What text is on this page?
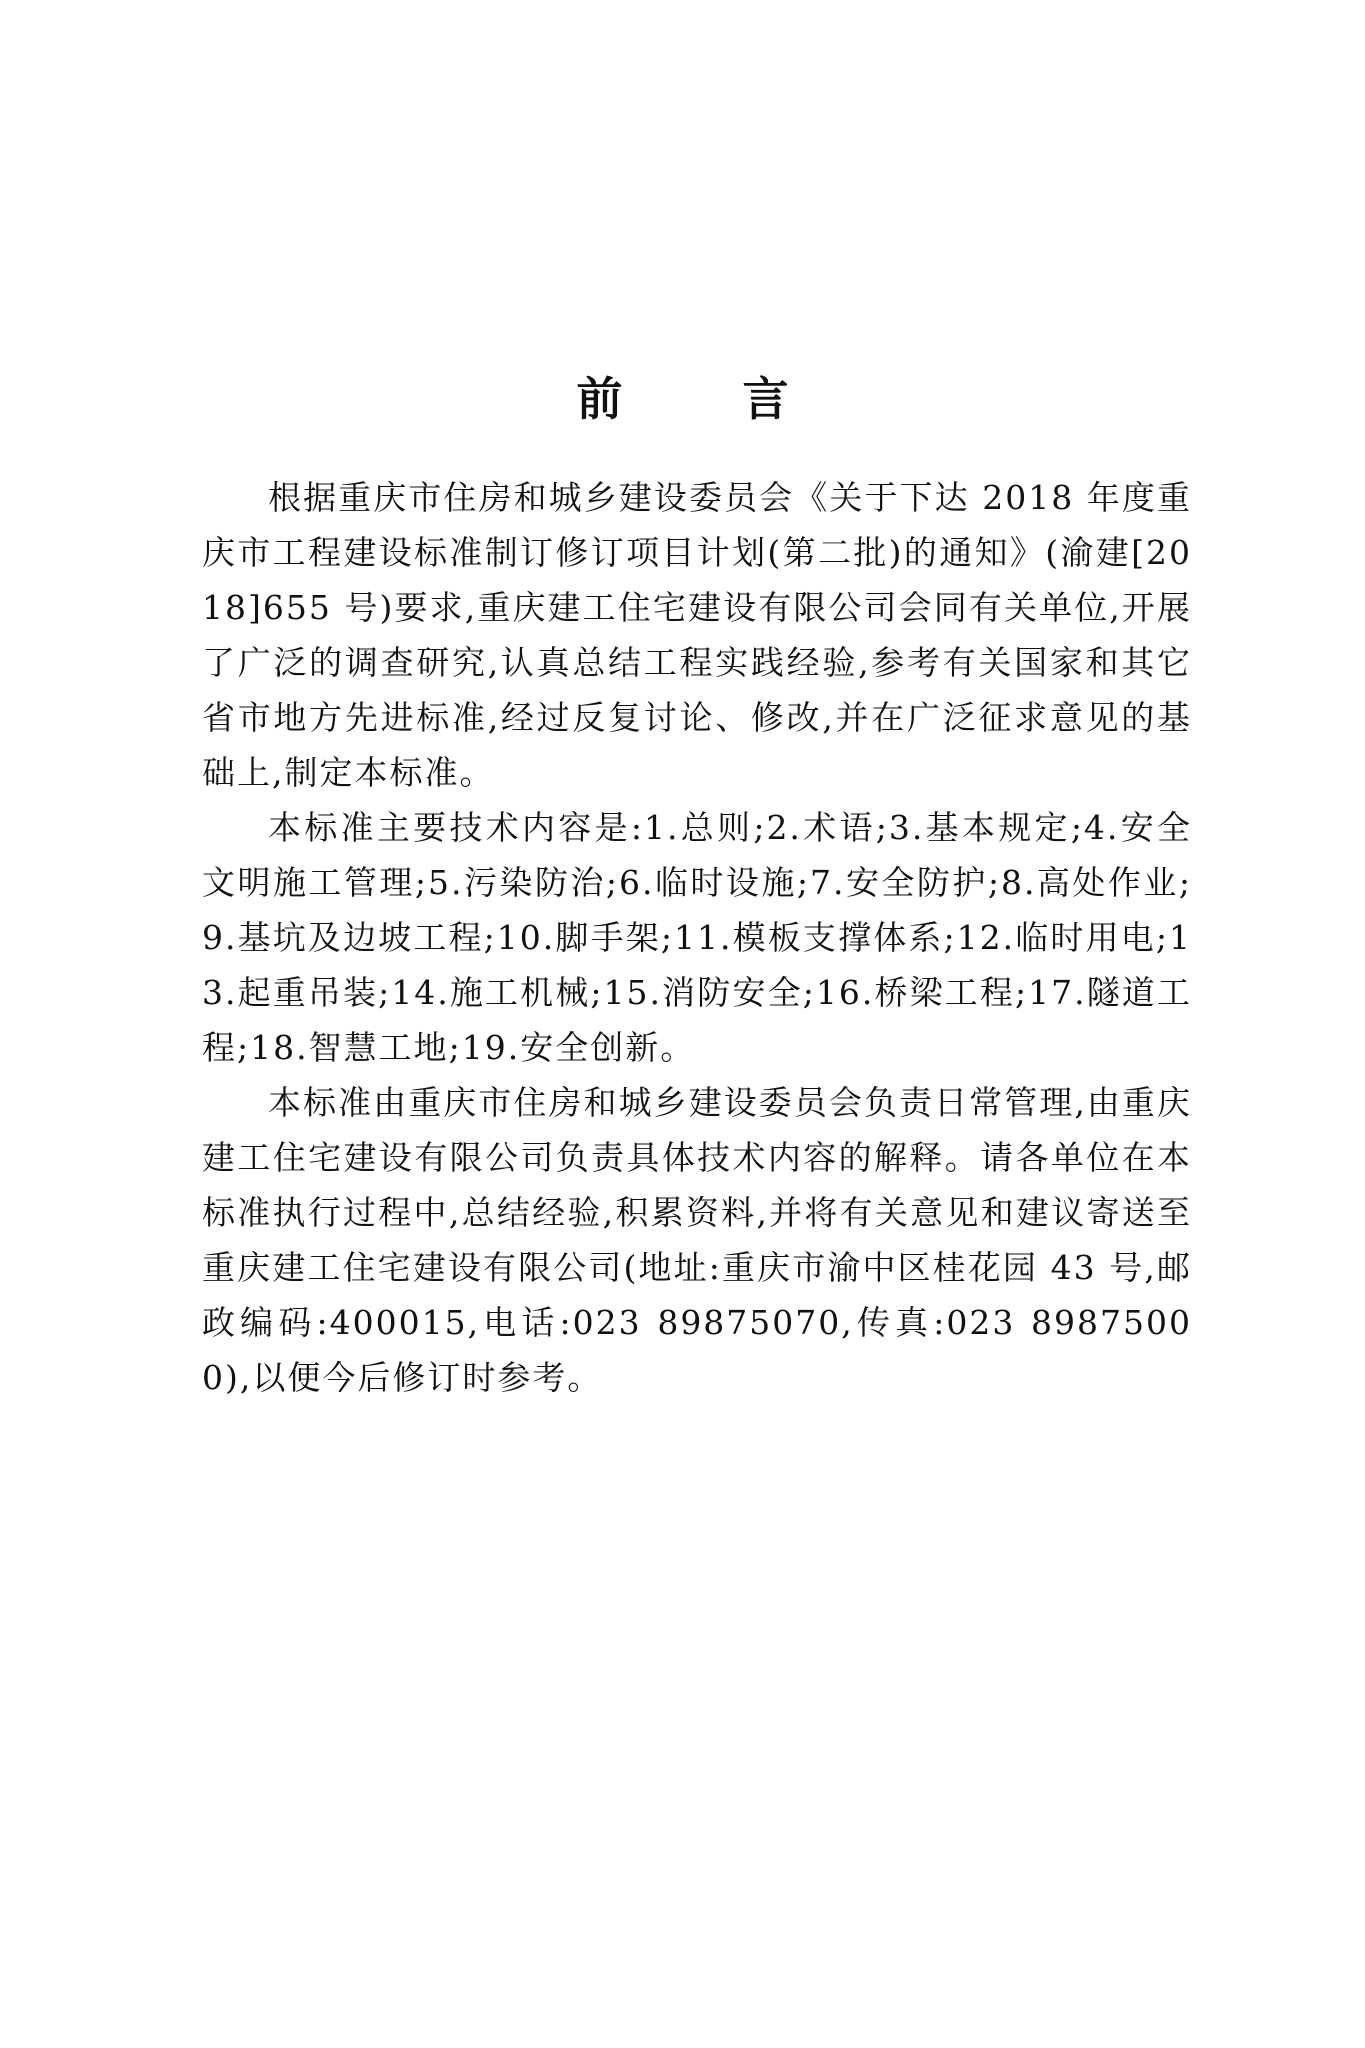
前 言

根据重庆市住房和城乡建设委员会《关于下达 2018 年度重庆市工程建设标准制订修订项目计划(第二批)的通知》(渝建[2018]655 号)要求,重庆建工住宅建设有限公司会同有关单位,开展了广泛的调查研究,认真总结工程实践经验,参考有关国家和其它省市地方先进标准,经过反复讨论、修改,并在广泛征求意见的基础上,制定本标准。

本标准主要技术内容是:1.总则;2.术语;3.基本规定;4.安全文明施工管理;5.污染防治;6.临时设施;7.安全防护;8.高处作业;9.基坑及边坡工程;10.脚手架;11.模板支撑体系;12.临时用电;13.起重吊装;14.施工机械;15.消防安全;16.桥梁工程;17.隧道工程;18.智慧工地;19.安全创新。

本标准由重庆市住房和城乡建设委员会负责日常管理,由重庆建工住宅建设有限公司负责具体技术内容的解释。请各单位在本标准执行过程中,总结经验,积累资料,并将有关意见和建议寄送至重庆建工住宅建设有限公司(地址:重庆市渝中区桂花园 43 号,邮政编码:400015,电话:023 89875070,传真:023 89875000),以便今后修订时参考。
